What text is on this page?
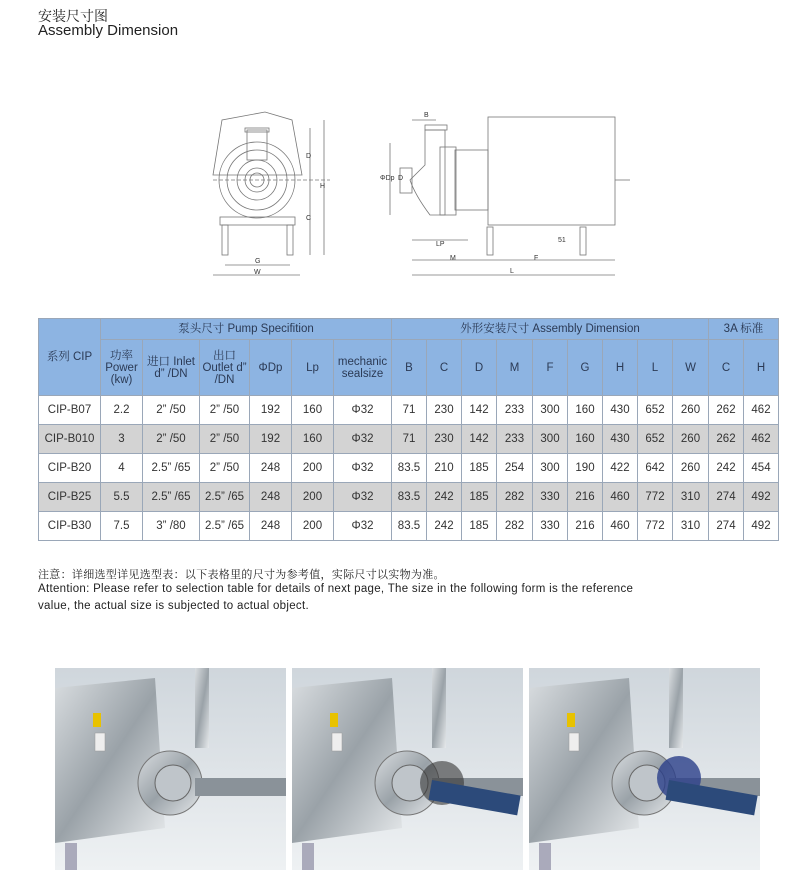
安装尺寸图
Assembly Dimension
D
H
C
G
W
B
ΦDp D
LP
M	F
L
51
系列 CIP	泵头尺寸 Pump Specifition						外形安装尺寸 Assembly Dimension									3A 标准	
	功率 Power (kw)	进口 Inlet d” /DN	出口 Outlet d” /DN	ΦDp	Lp	mechanic sealsize	B	C	D	M	F	G	H	L	W	C	H
CIP-B07	2.2	2” /50	2” /50	192	160	Φ32	71	230	142	233	300	160	430	652	260	262	462
CIP-B010	3	2” /50	2” /50	192	160	Φ32	71	230	142	233	300	160	430	652	260	262	462
CIP-B20	4	2.5” /65	2” /50	248	200	Φ32	83.5	210	185	254	300	190	422	642	260	242	454
CIP-B25	5.5	2.5” /65	2.5” /65	248	200	Φ32	83.5	242	185	282	330	216	460	772	310	274	492
CIP-B30	7.5	3” /80	2.5” /65	248	200	Φ32	83.5	242	185	282	330	216	460	772	310	274	492
注意：详细选型详见选型表：以下表格里的尺寸为参考值，实际尺寸以实物为准。
Attention: Please refer to selection table for details of next page, The size in the following form is the reference
value, the actual size is subjected to actual object.
